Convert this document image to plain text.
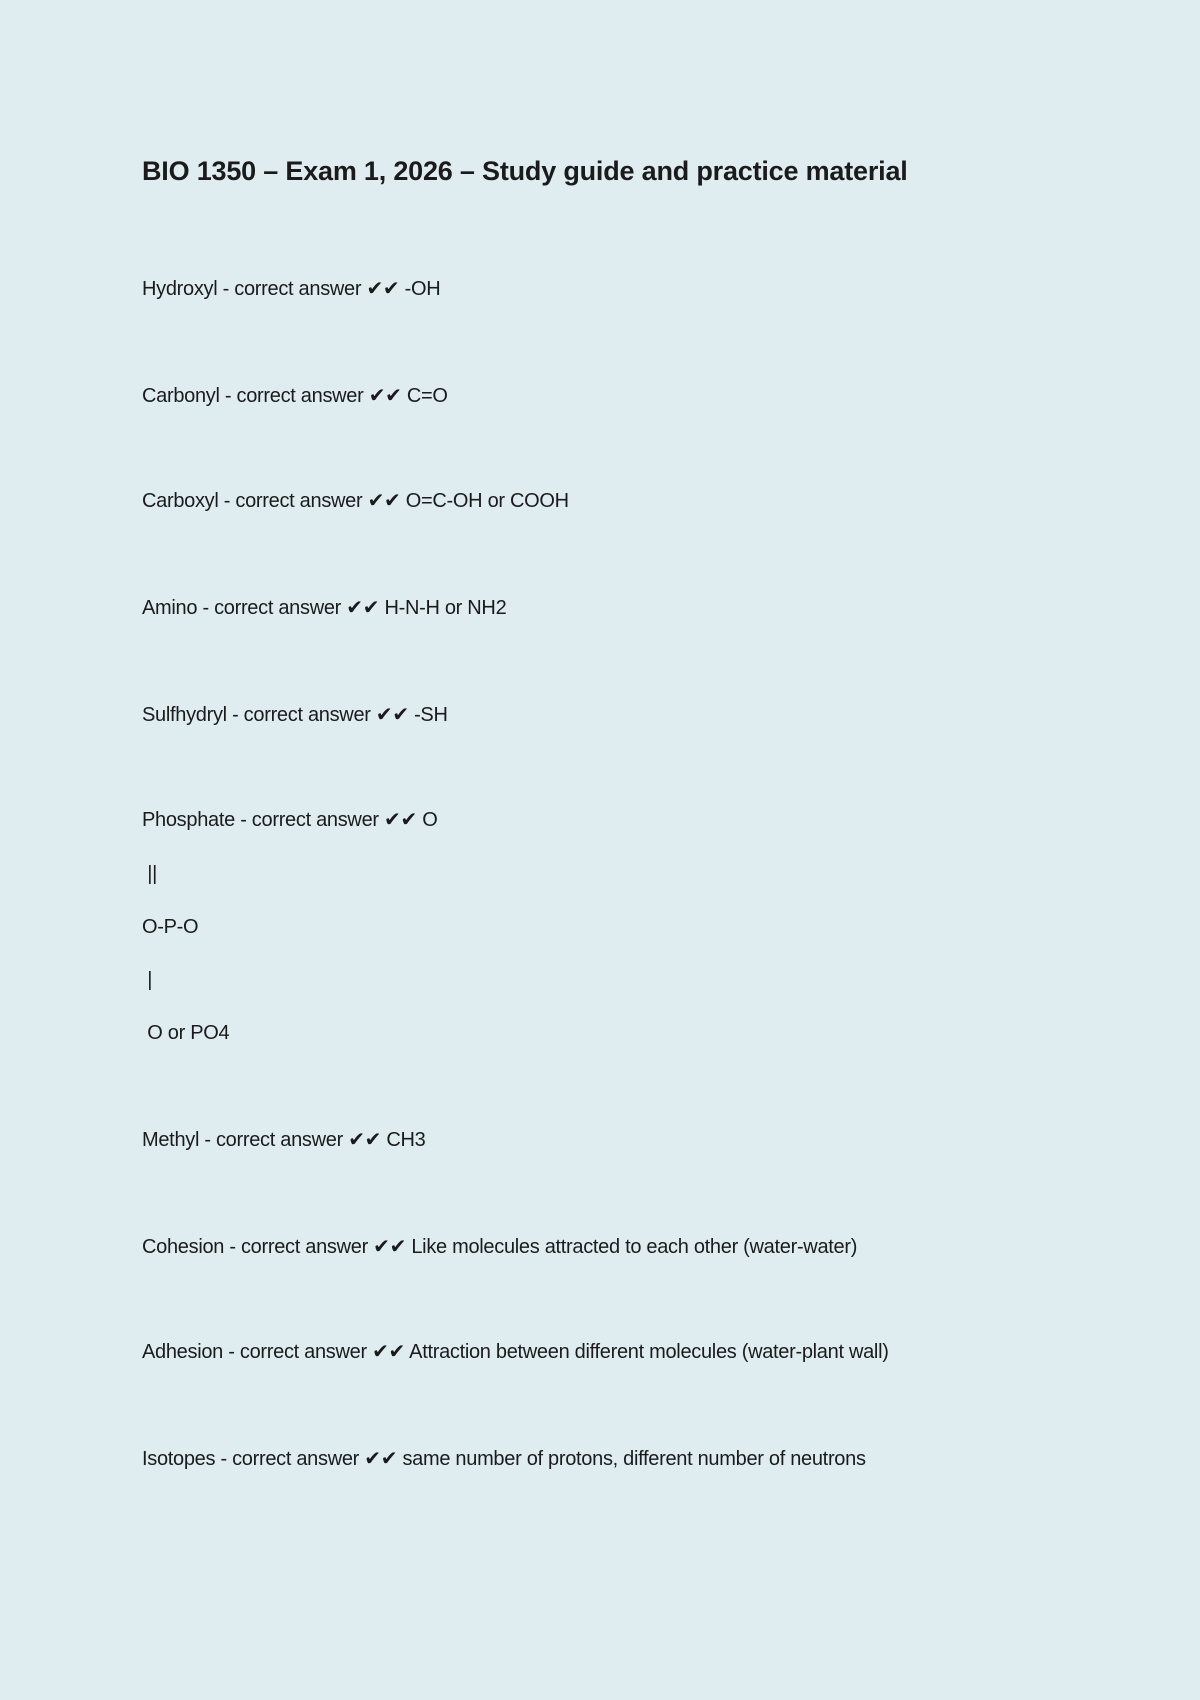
BIO 1350 – Exam 1, 2026 – Study guide and practice material

Hydroxyl - correct answer ✔✔ -OH

Carbonyl - correct answer ✔✔ C=O

Carboxyl - correct answer ✔✔ O=C-OH or COOH

Amino - correct answer ✔✔ H-N-H or NH2

Sulfhydryl - correct answer ✔✔ -SH

Phosphate - correct answer ✔✔ O

||

O-P-O

|

O or PO4

Methyl - correct answer ✔✔ CH3

Cohesion - correct answer ✔✔ Like molecules attracted to each other (water-water)

Adhesion - correct answer ✔✔ Attraction between different molecules (water-plant wall)

Isotopes - correct answer ✔✔ same number of protons, different number of neutrons
